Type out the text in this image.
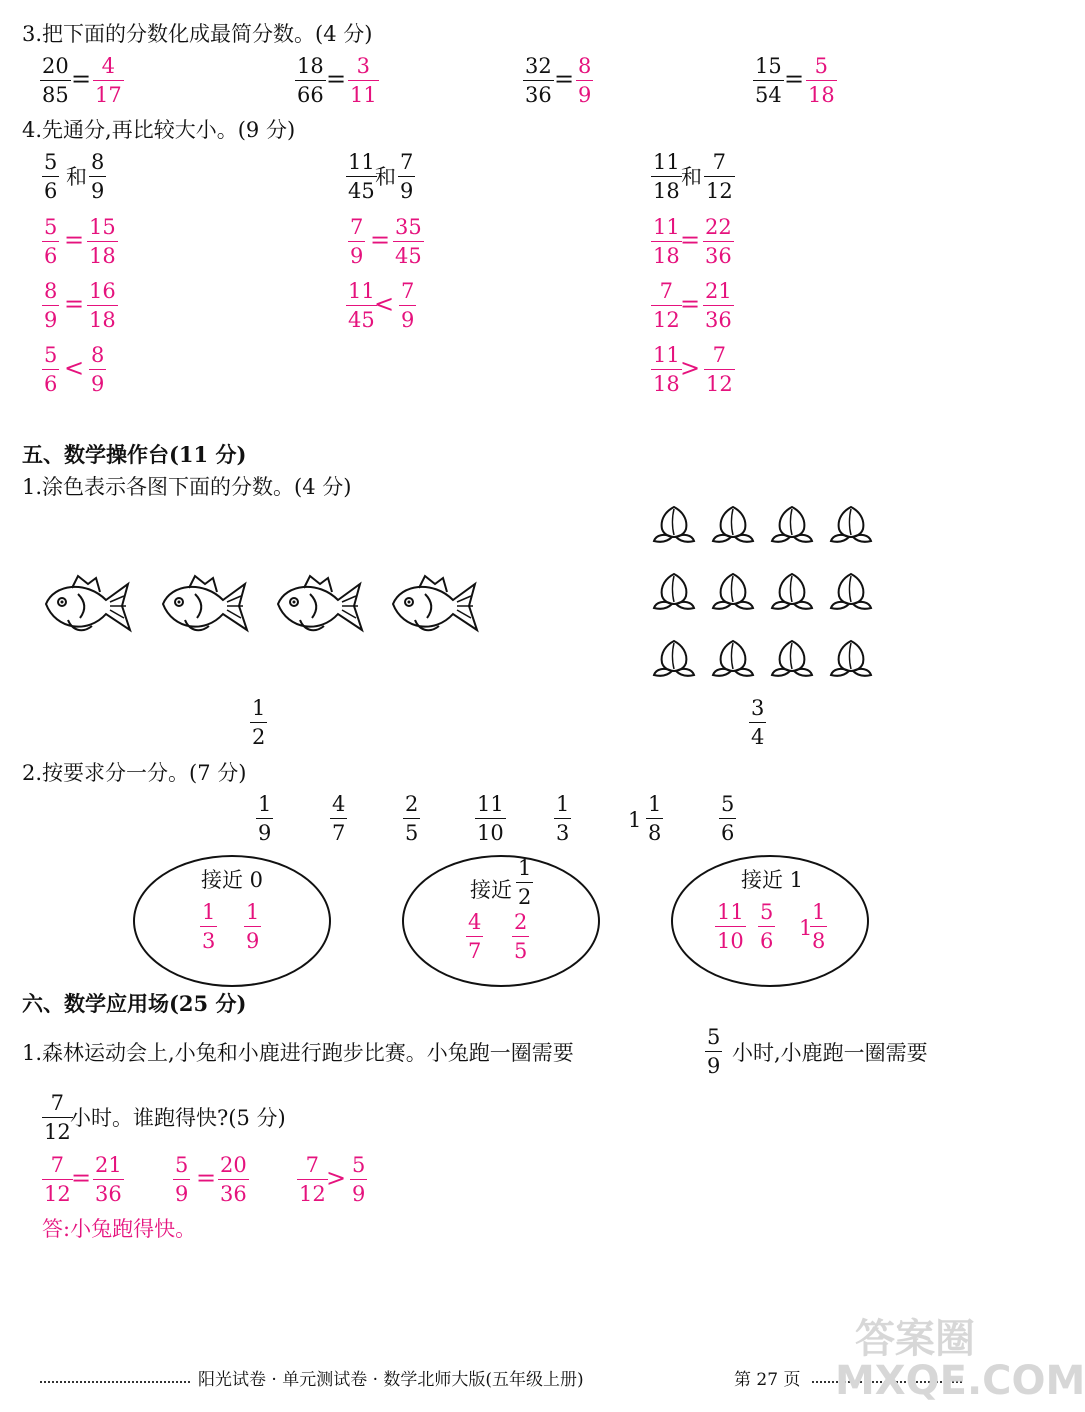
3.把下面的分数化成最简分数。(4 分)
20
85
= 4
17
18
66
= 3
11
32
36
= 8
9
15
54
= 5
18
4.先通分,再比较大小。(9 分)
5
6
和
8
9
5
6
= 15
18
8
9
= 16
18
5
6
< 8
9
11
45
和
7
9
7
9
= 35
45
11
45
< 7
9
11
18
和
7
12
11
18
= 22
36
7
12
= 21
36
11
18
> 7
12
五、数学操作台(11 分)
1.涂色表示各图下面的分数。(4 分)
1
2
3
4
2.按要求分一分。(7 分)
1
9
4
7
2
5
11
10
1
3
1
1
8
5
6
接近 0
1
3
1
9
接近
1
2
4
7
2
5
接近 1
11
10
5
6
1
1
8
六、数学应用场(25 分)
1.森林运动会上,小兔和小鹿进行跑步比赛。小兔跑一圈需要
5
9
小时,小鹿跑一圈需要
7
12
小时。谁跑得快?(5 分)
7
12
= 21
36
5
9
= 20
36
7
12
> 5
9
答:小兔跑得快。
阳光试卷 · 单元测试卷 · 数学北师大版(五年级上册)	第 27 页
答案圈 MXQE.COM
